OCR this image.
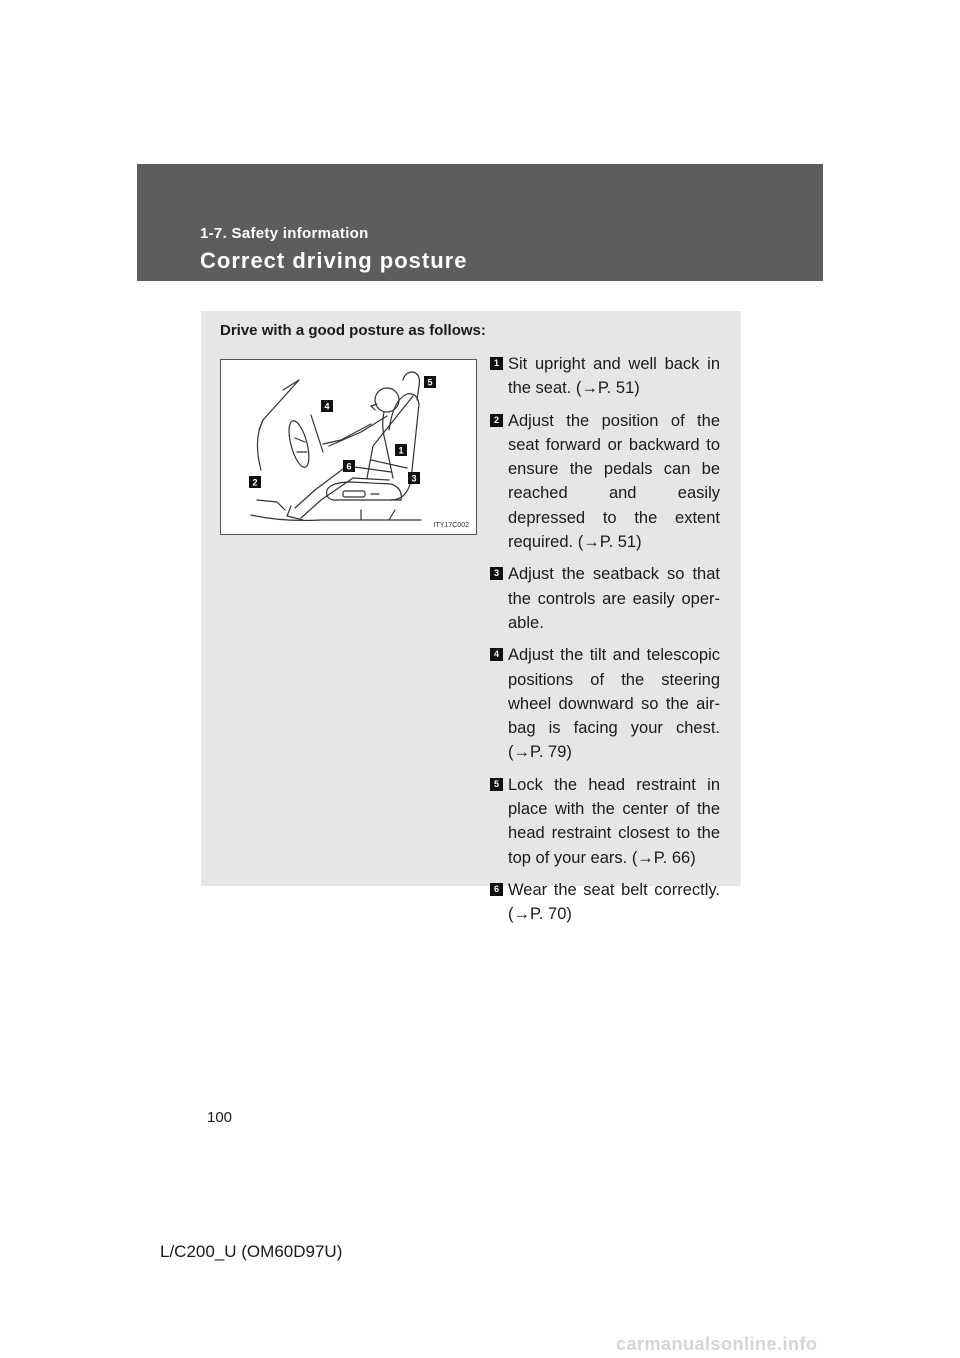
1-7. Safety information
Correct driving posture
Drive with a good posture as follows:
1
2	3
4
5
6
ITY17C002
1 Sit upright and well back in the seat. (→P. 51)
2 Adjust the position of the seat forward or backward to ensure the pedals can be reached and easily depressed to the extent required. (→P. 51)
3 Adjust the seatback so that the controls are easily oper-able.
4 Adjust the tilt and telescopic positions of the steering wheel downward so the air-bag is facing your chest. (→P. 79)
5 Lock the head restraint in place with the center of the head restraint closest to the top of your ears. (→P. 66)
6 Wear the seat belt correctly. (→P. 70)
100
L/C200_U (OM60D97U)
carmanualsonline.info
